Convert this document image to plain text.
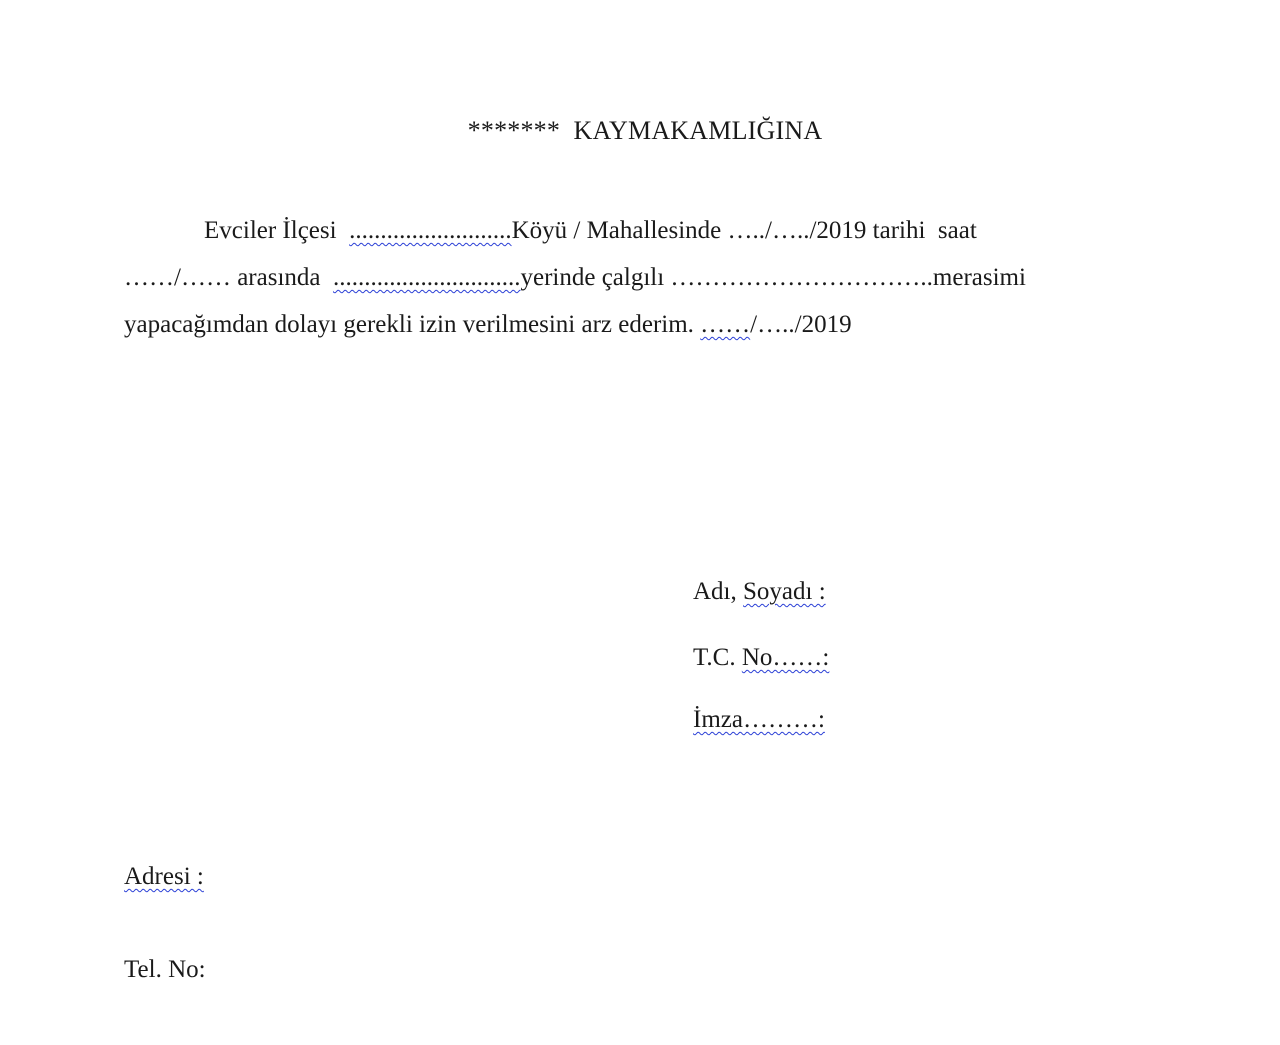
*******  KAYMAKAMLIĞINA
Evciler İlçesi  ..........................Köyü / Mahallesinde …../…../2019 tarihi  saat
……/…… arasında  ..............................yerinde çalgılı …………………………..merasimi
yapacağımdan dolayı gerekli izin verilmesini arz ederim. ……/…../2019
Adı, Soyadı :
T.C. No……:
İmza………:
Adresi :
Tel. No:
